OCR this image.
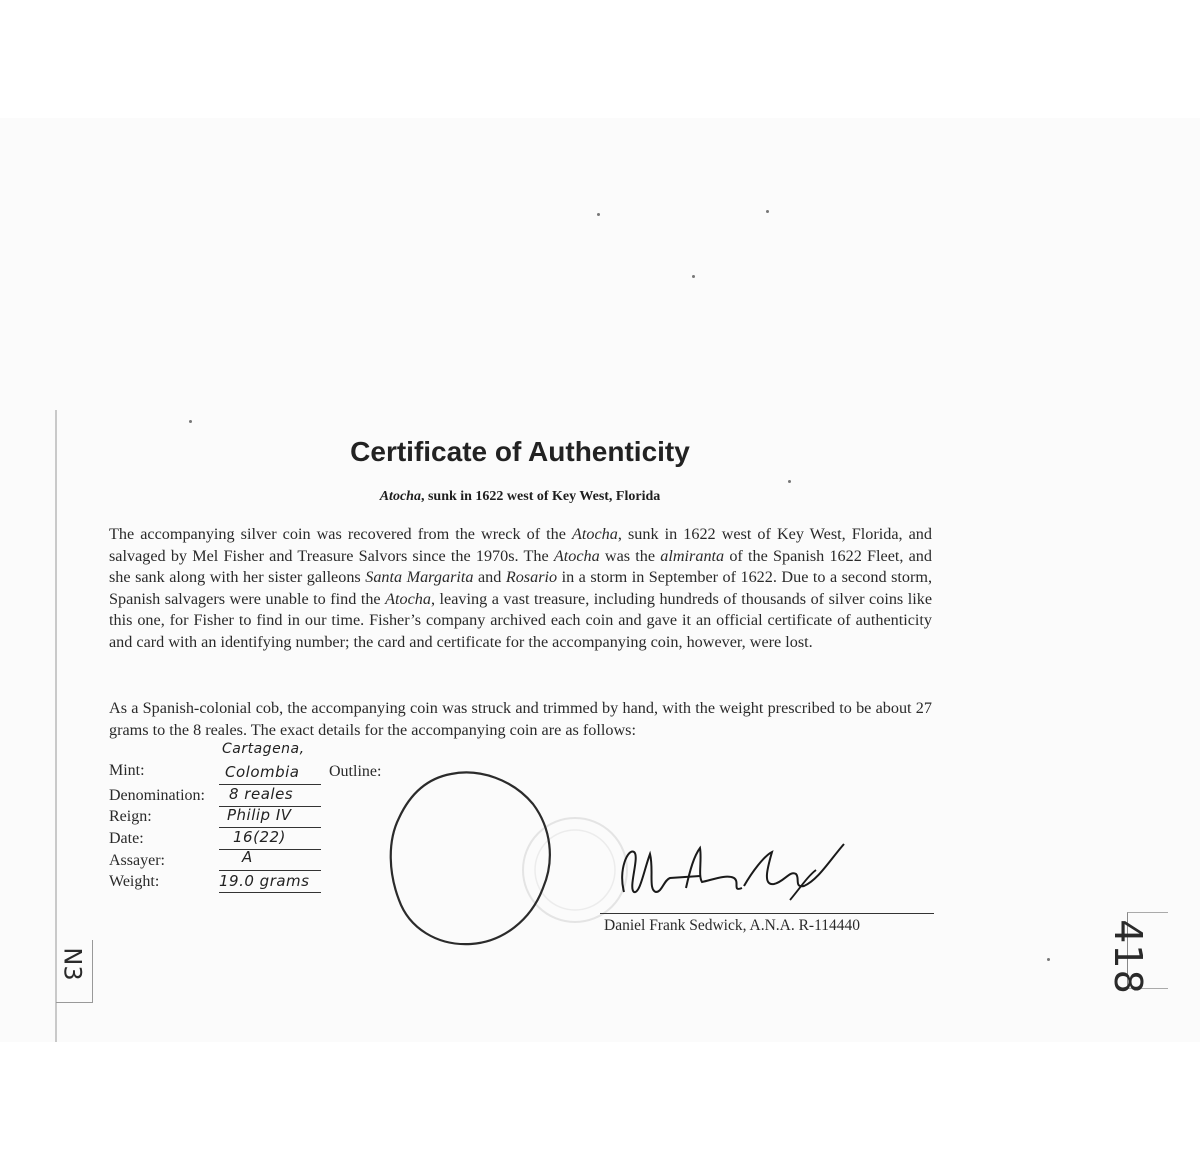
Certificate of Authenticity
Atocha, sunk in 1622 west of Key West, Florida
The accompanying silver coin was recovered from the wreck of the Atocha, sunk in 1622 west of Key West, Florida, and salvaged by Mel Fisher and Treasure Salvors since the 1970s. The Atocha was the almiranta of the Spanish 1622 Fleet, and she sank along with her sister galleons Santa Margarita and Rosario in a storm in September of 1622. Due to a second storm, Spanish salvagers were unable to find the Atocha, leaving a vast treasure, including hundreds of thousands of silver coins like this one, for Fisher to find in our time. Fisher’s company archived each coin and gave it an official certificate of authenticity and card with an identifying number; the card and certificate for the accompanying coin, however, were lost.
As a Spanish-colonial cob, the accompanying coin was struck and trimmed by hand, with the weight prescribed to be about 27 grams to the 8 reales. The exact details for the accompanying coin are as follows:
Mint:
Cartagena,
Colombia
Denomination: 8 reales
Reign:	Philip IV
Date:	16(22)
Assayer:	A
Weight:	19.0 grams
Outline:
Daniel Frank Sedwick, A.N.A. R-114440	418
N3
